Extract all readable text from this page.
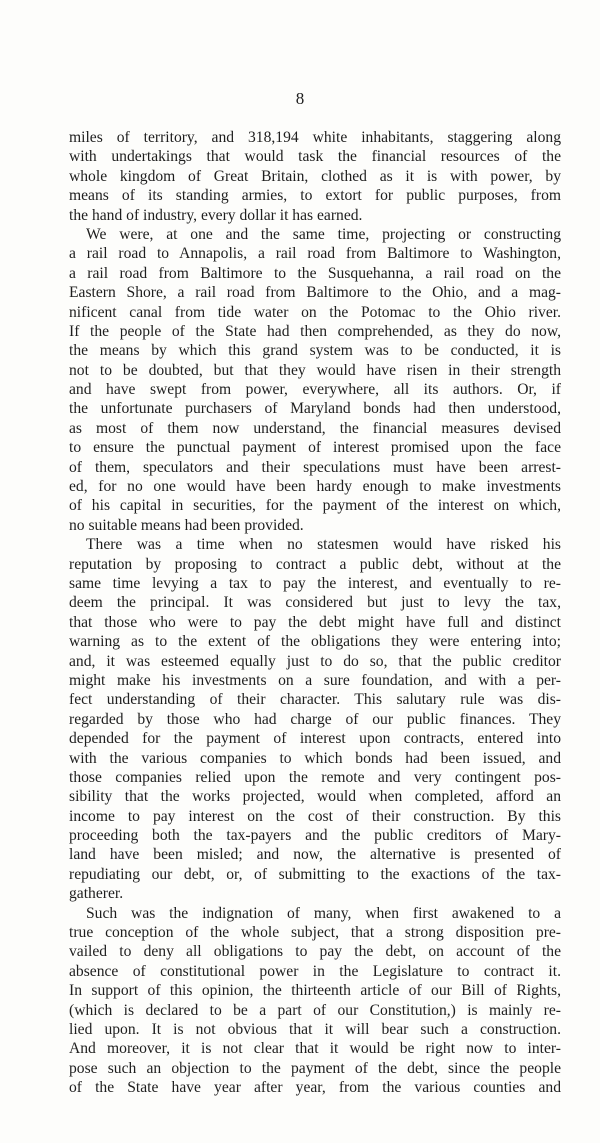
8
miles of territory, and 318,194 white inhabitants, staggering along
with undertakings that would task the financial resources of the
whole kingdom of Great Britain, clothed as it is with power, by
means of its standing armies, to extort for public purposes, from
the hand of industry, every dollar it has earned.
We were, at one and the same time, projecting or constructing
a rail road to Annapolis, a rail road from Baltimore to Washington,
a rail road from Baltimore to the Susquehanna, a rail road on the
Eastern Shore, a rail road from Baltimore to the Ohio, and a mag-
nificent canal from tide water on the Potomac to the Ohio river.
If the people of the State had then comprehended, as they do now,
the means by which this grand system was to be conducted, it is
not to be doubted, but that they would have risen in their strength
and have swept from power, everywhere, all its authors. Or, if
the unfortunate purchasers of Maryland bonds had then understood,
as most of them now understand, the financial measures devised
to ensure the punctual payment of interest promised upon the face
of them, speculators and their speculations must have been arrest-
ed, for no one would have been hardy enough to make investments
of his capital in securities, for the payment of the interest on which,
no suitable means had been provided.
There was a time when no statesmen would have risked his
reputation by proposing to contract a public debt, without at the
same time levying a tax to pay the interest, and eventually to re-
deem the principal. It was considered but just to levy the tax,
that those who were to pay the debt might have full and distinct
warning as to the extent of the obligations they were entering into;
and, it was esteemed equally just to do so, that the public creditor
might make his investments on a sure foundation, and with a per-
fect understanding of their character. This salutary rule was dis-
regarded by those who had charge of our public finances. They
depended for the payment of interest upon contracts, entered into
with the various companies to which bonds had been issued, and
those companies relied upon the remote and very contingent pos-
sibility that the works projected, would when completed, afford an
income to pay interest on the cost of their construction. By this
proceeding both the tax-payers and the public creditors of Mary-
land have been misled; and now, the alternative is presented of
repudiating our debt, or, of submitting to the exactions of the tax-
gatherer.
Such was the indignation of many, when first awakened to a
true conception of the whole subject, that a strong disposition pre-
vailed to deny all obligations to pay the debt, on account of the
absence of constitutional power in the Legislature to contract it.
In support of this opinion, the thirteenth article of our Bill of Rights,
(which is declared to be a part of our Constitution,) is mainly re-
lied upon. It is not obvious that it will bear such a construction.
And moreover, it is not clear that it would be right now to inter-
pose such an objection to the payment of the debt, since the people
of the State have year after year, from the various counties and
